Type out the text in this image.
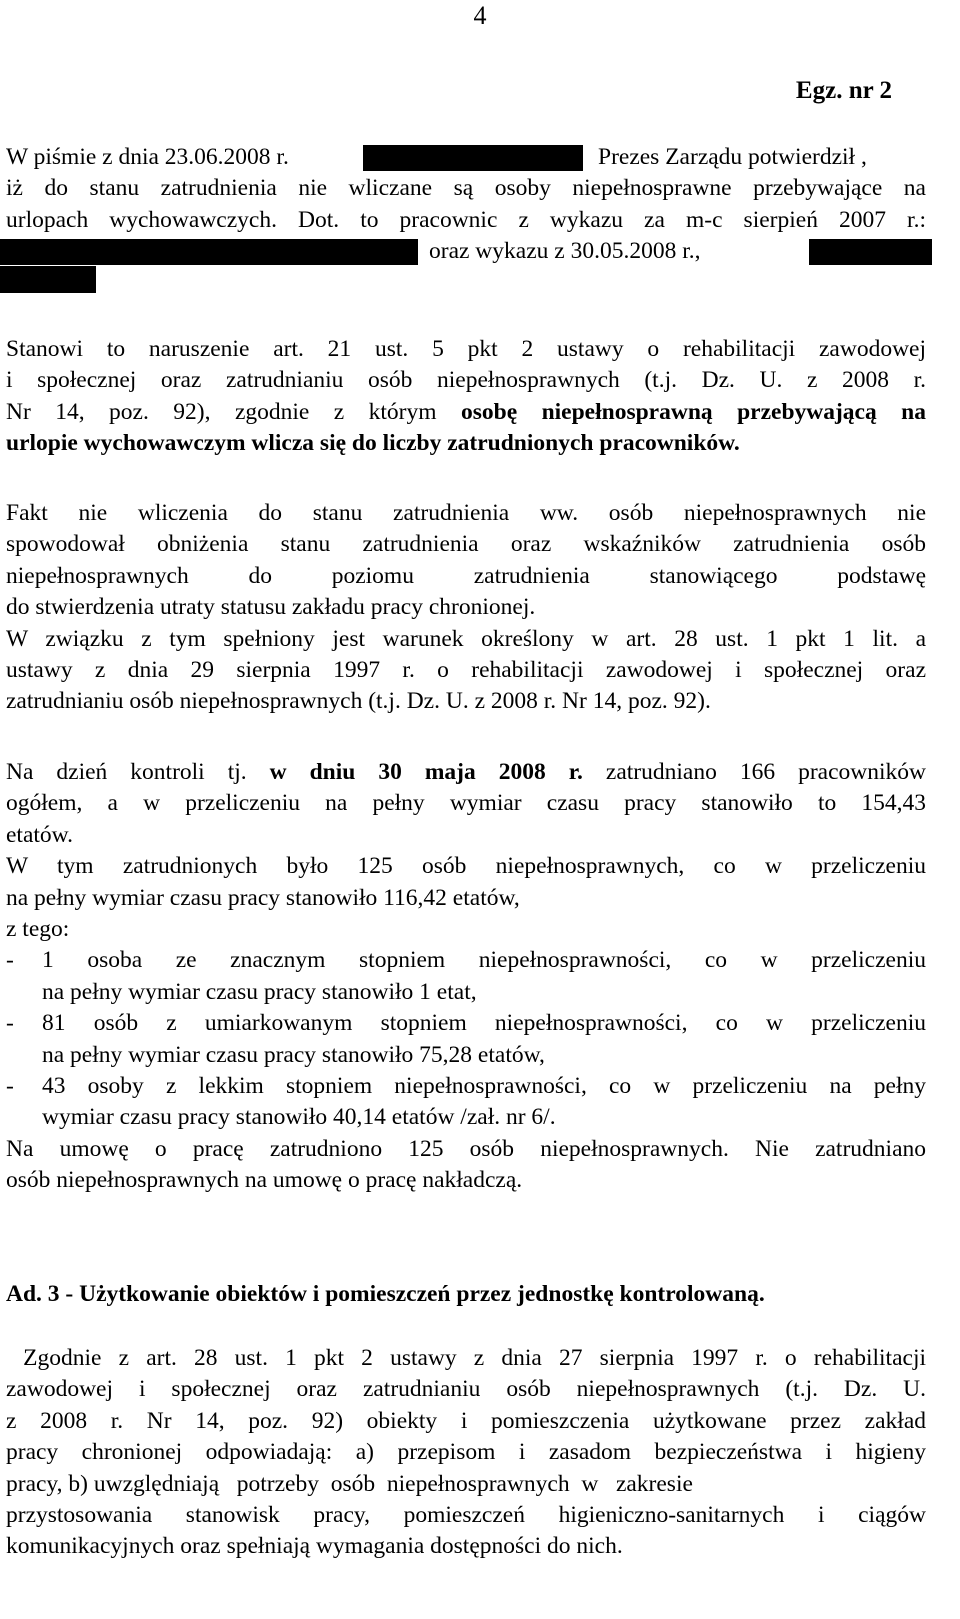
4
Egz. nr 2
W piśmie z dnia 23.06.2008 r.	Prezes Zarządu potwierdził ,
iż do stanu zatrudnienia nie wliczane są osoby niepełnosprawne przebywające na
urlopach wychowawczych. Dot. to pracownic z wykazu za m-c sierpień 2007 r.:
oraz wykazu z 30.05.2008 r.,

Stanowi to naruszenie art. 21 ust. 5 pkt 2 ustawy o rehabilitacji zawodowej
i społecznej oraz zatrudnianiu osób niepełnosprawnych (t.j. Dz. U. z 2008 r.
Nr 14, poz. 92), zgodnie z którym osobę niepełnosprawną przebywającą na
urlopie wychowawczym wlicza się do liczby zatrudnionych pracowników.
Fakt nie wliczenia do stanu zatrudnienia ww. osób niepełnosprawnych nie
spowodował obniżenia stanu zatrudnienia oraz wskaźników zatrudnienia osób
niepełnosprawnych do poziomu zatrudnienia stanowiącego podstawę
do stwierdzenia utraty statusu zakładu pracy chronionej.
W związku z tym spełniony jest warunek określony w art. 28 ust. 1 pkt 1 lit. a
ustawy z dnia 29 sierpnia 1997 r. o rehabilitacji zawodowej i społecznej oraz
zatrudnianiu osób niepełnosprawnych (t.j. Dz. U. z 2008 r. Nr 14, poz. 92).
Na dzień kontroli tj. w dniu 30 maja 2008 r. zatrudniano 166 pracowników
ogółem, a w przeliczeniu na pełny wymiar czasu pracy stanowiło to 154,43
etatów.
W tym zatrudnionych było 125 osób niepełnosprawnych, co w przeliczeniu
na pełny wymiar czasu pracy stanowiło 116,42 etatów,
z tego:
- 1 osoba ze znacznym stopniem niepełnosprawności, co w przeliczeniu
na pełny wymiar czasu pracy stanowiło 1 etat,
- 81 osób z umiarkowanym stopniem niepełnosprawności, co w przeliczeniu
na pełny wymiar czasu pracy stanowiło 75,28 etatów,
- 43 osoby z lekkim stopniem niepełnosprawności, co w przeliczeniu na pełny
wymiar czasu pracy stanowiło 40,14 etatów /zał. nr 6/.
Na umowę o pracę zatrudniono 125 osób niepełnosprawnych. Nie zatrudniano
osób niepełnosprawnych na umowę o pracę nakładczą.
Ad. 3 - Użytkowanie obiektów i pomieszczeń przez jednostkę kontrolowaną.
Zgodnie z art. 28 ust. 1 pkt 2 ustawy z dnia 27 sierpnia 1997 r. o rehabilitacji
zawodowej i społecznej oraz zatrudnianiu osób niepełnosprawnych (t.j. Dz. U.
z 2008 r. Nr 14, poz. 92) obiekty i pomieszczenia użytkowane przez zakład
pracy chronionej odpowiadają: a) przepisom i zasadom bezpieczeństwa i higieny
pracy, b) uwzględniają   potrzeby  osób  niepełnosprawnych  w   zakresie
przystosowania stanowisk pracy, pomieszczeń higieniczno-sanitarnych i ciągów
komunikacyjnych oraz spełniają wymagania dostępności do nich.
